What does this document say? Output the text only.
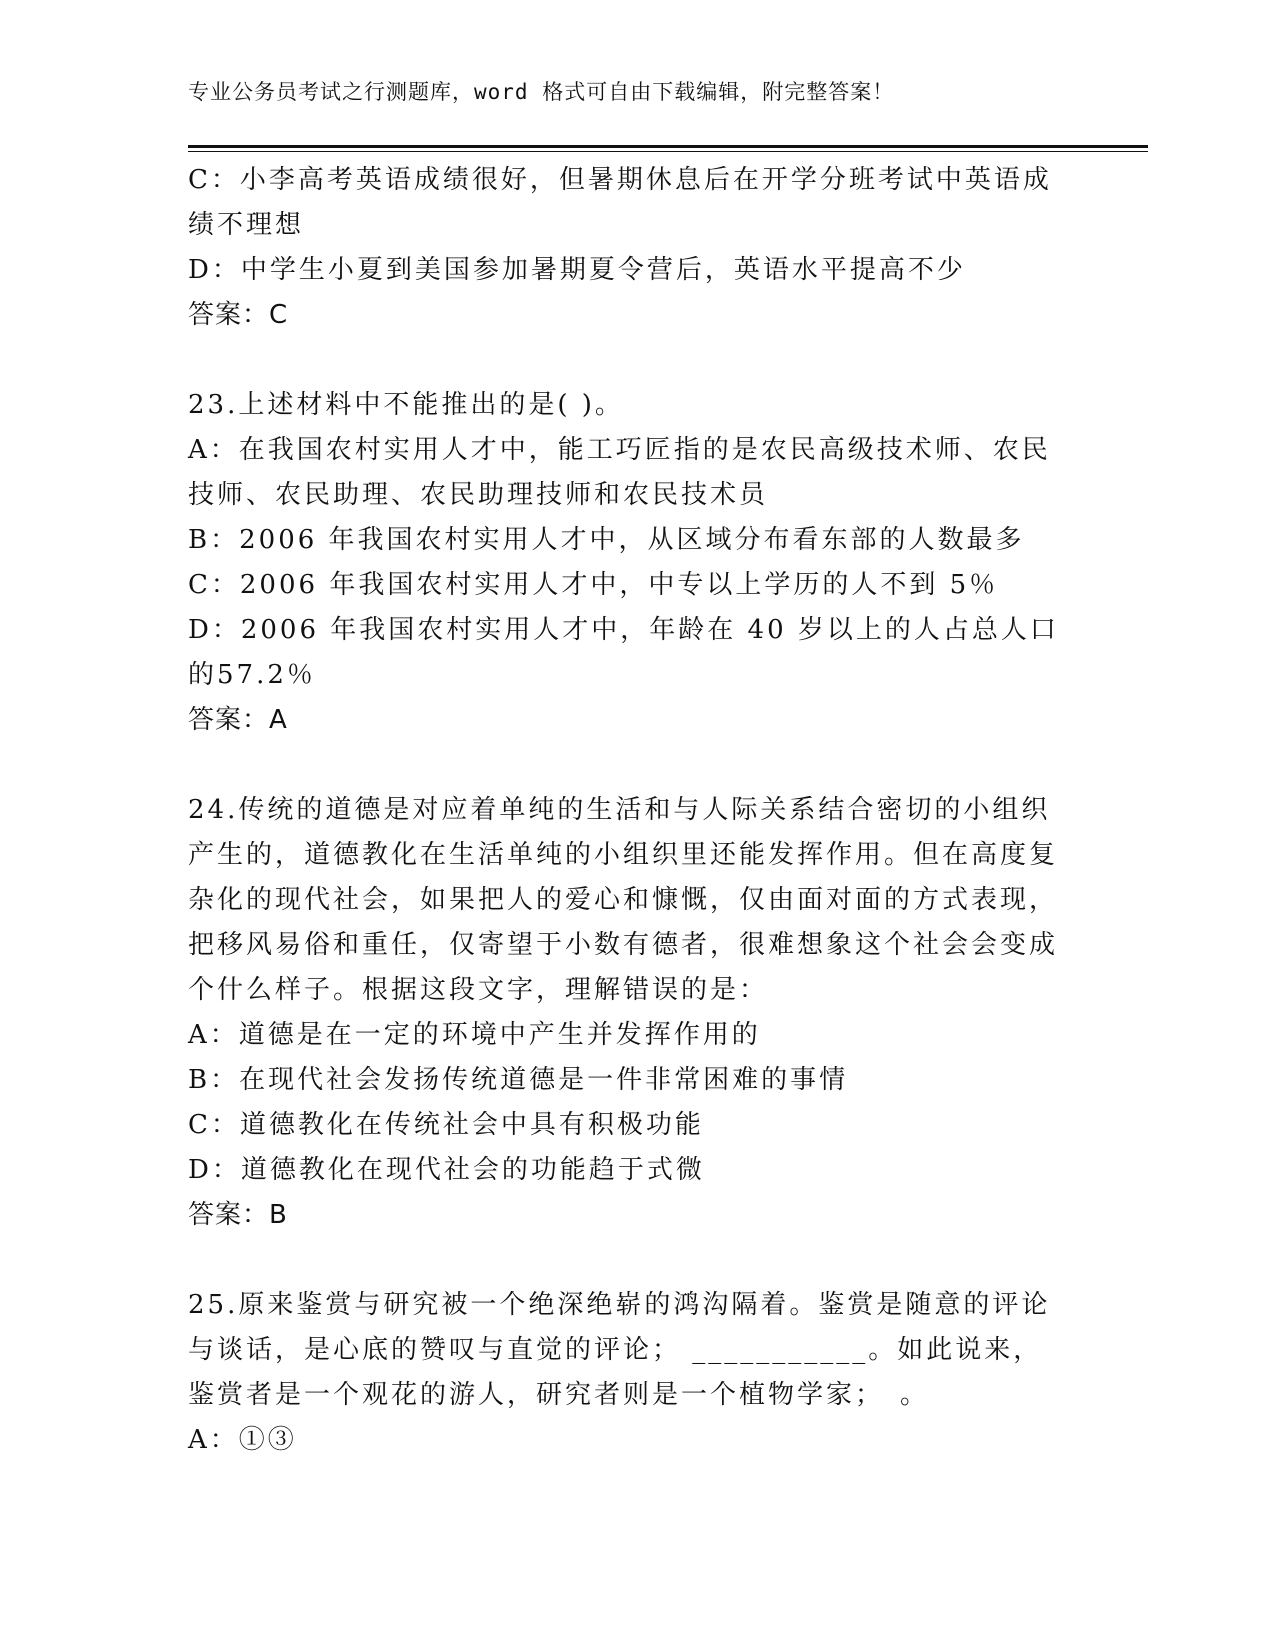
专业公务员考试之行测题库，word 格式可自由下载编辑，附完整答案！
C：小李高考英语成绩很好，但暑期休息后在开学分班考试中英语成绩不理想
D：中学生小夏到美国参加暑期夏令营后，英语水平提高不少
答案：C
23.上述材料中不能推出的是( )。
A：在我国农村实用人才中，能工巧匠指的是农民高级技术师、农民技师、农民助理、农民助理技师和农民技术员
B：2006 年我国农村实用人才中，从区域分布看东部的人数最多
C：2006 年我国农村实用人才中，中专以上学历的人不到 5％
D：2006 年我国农村实用人才中，年龄在 40 岁以上的人占总人口的57.2％
答案：A
24.传统的道德是对应着单纯的生活和与人际关系结合密切的小组织产生的，道德教化在生活单纯的小组织里还能发挥作用。但在高度复杂化的现代社会，如果把人的爱心和慷慨，仅由面对面的方式表现，把移风易俗和重任，仅寄望于小数有德者，很难想象这个社会会变成个什么样子。根据这段文字，理解错误的是：
A：道德是在一定的环境中产生并发挥作用的
B：在现代社会发扬传统道德是一件非常困难的事情
C：道德教化在传统社会中具有积极功能
D：道德教化在现代社会的功能趋于式微
答案：B
25.原来鉴赏与研究被一个绝深绝崭的鸿沟隔着。鉴赏是随意的评论与谈话，是心底的赞叹与直觉的评论； ___________。如此说来，鉴赏者是一个观花的游人，研究者则是一个植物学家；　。
A：①③
